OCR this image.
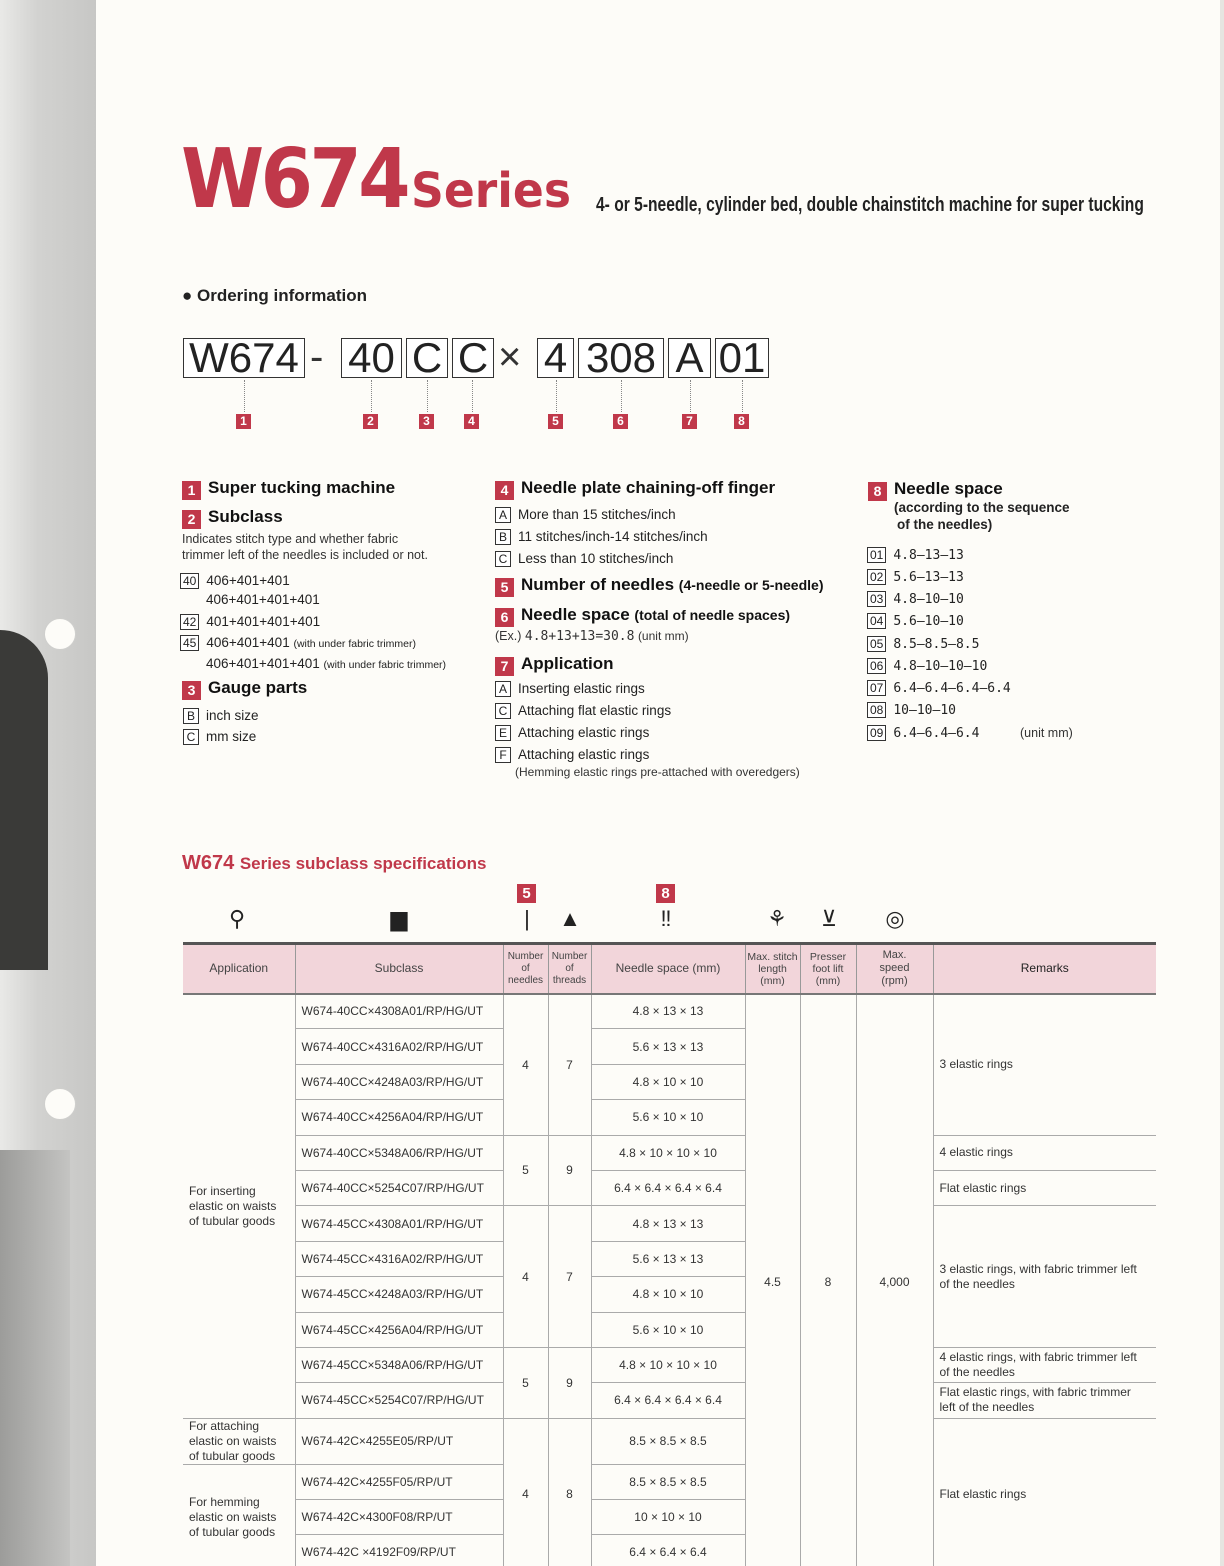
W674 Series 4- or 5-needle, cylinder bed, double chainstitch machine for super tucking
● Ordering information
W674 - 40 C C × 4 308 A 01
1	2	3	4	5	6	7	8
1 Super tucking machine
2 Subclass
Indicates stitch type and whether fabric
trimmer left of the needles is included or not.
40 406+401+401
406+401+401+401
42 401+401+401+401
45 406+401+401 (with under fabric trimmer)
406+401+401+401 (with under fabric trimmer)
3 Gauge parts
B inch size
C mm size
4 Needle plate chaining-off finger
A More than 15 stitches/inch
B 11 stitches/inch-14 stitches/inch
C Less than 10 stitches/inch
5 Number of needles (4-needle or 5-needle)
6 Needle space (total of needle spaces)
(Ex.) 4.8+13+13=30.8 (unit mm)
7 Application
A Inserting elastic rings
C Attaching flat elastic rings
E Attaching elastic rings
F Attaching elastic rings
(Hemming elastic rings pre-attached with overedgers)
8 Needle space
(according to the sequence
of the needles)
01 4.8—13—13
02 5.6—13—13
03 4.8—10—10
04 5.6—10—10
05 8.5—8.5—8.5
06 4.8—10—10—10
07 6.4—6.4—6.4—6.4
08 10—10—10
09 6.4—6.4—6.4	(unit mm)
W674 Series subclass specifications
5	8
⚲	▆	|	▲	‼	⚘	⊻	◎
Application	Subclass	Number
of
needles	Number
of
threads	Needle space (mm)	Max. stitch
length
(mm)	Presser
foot lift
(mm)	Max.
speed
(rpm)	Remarks
For inserting elastic on waists of tubular goods	W674-40CC×4308A01/RP/HG/UT	4	7	4.8 × 13 × 13	4.5	8	4,000	3 elastic rings
	W674-40CC×4316A02/RP/HG/UT			5.6 × 13 × 13				
	W674-40CC×4248A03/RP/HG/UT			4.8 × 10 × 10				
	W674-40CC×4256A04/RP/HG/UT			5.6 × 10 × 10				
	W674-40CC×5348A06/RP/HG/UT	5	9	4.8 × 10 × 10 × 10				4 elastic rings
	W674-40CC×5254C07/RP/HG/UT			6.4 × 6.4 × 6.4 × 6.4				Flat elastic rings
	W674-45CC×4308A01/RP/HG/UT	4	7	4.8 × 13 × 13				3 elastic rings, with fabric trimmer left of the needles
	W674-45CC×4316A02/RP/HG/UT			5.6 × 13 × 13				
	W674-45CC×4248A03/RP/HG/UT			4.8 × 10 × 10				
	W674-45CC×4256A04/RP/HG/UT			5.6 × 10 × 10				
	W674-45CC×5348A06/RP/HG/UT	5	9	4.8 × 10 × 10 × 10				4 elastic rings, with fabric trimmer left of the needles
	W674-45CC×5254C07/RP/HG/UT			6.4 × 6.4 × 6.4 × 6.4				Flat elastic rings, with fabric trimmer left of the needles
For attaching elastic on waists of tubular goods	W674-42C×4255E05/RP/UT	4	8	8.5 × 8.5 × 8.5				Flat elastic rings
For hemming elastic on waists of tubular goods	W674-42C×4255F05/RP/UT			8.5 × 8.5 × 8.5				
	W674-42C×4300F08/RP/UT			10 × 10 × 10				
	W674-42C ×4192F09/RP/UT			6.4 × 6.4 × 6.4				
